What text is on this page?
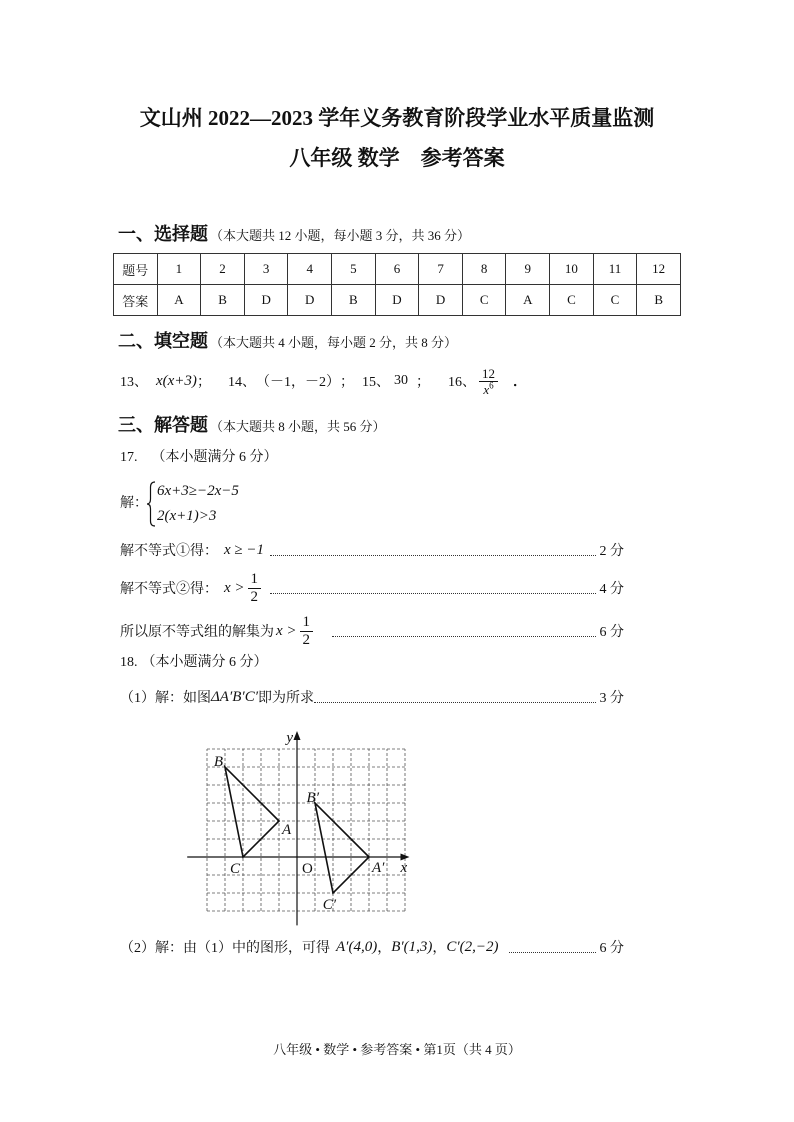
文山州 2022—2023 学年义务教育阶段学业水平质量监测
八年级 数学　参考答案
一、选择题 （本大题共 12 小题，每小题 3 分，共 36 分）
题号	1	2	3	4	5	6	7	8	9	10	11	12
答案	A	B	D	D	B	D	D	C	A	C	C	B
二、填空题 （本大题共 4 小题，每小题 2 分，共 8 分）
13、 x(x+3) ； 14、 （－1，－2） ； 15、 30 ； 16、 $\frac{12}{x^6}$ ．
三、解答题 （本大题共 8 小题，共 56 分）
17. （本小题满分 6 分）
解：
6x+3≥−2x−5
2(x+1)>3
解不等式①得： x ≥ −1	2 分
解不等式②得： $x > \frac{1}{2}$	4 分
所以原不等式组的解集为 $x > \frac{1}{2}$	6 分
18. （本小题满分 6 分）
（1）解：如图 ΔA′B′C′ 即为所求	3 分
x
y
O
A
B
C	A′
B′
C′
（2）解：由（1）中的图形，可得 A′(4,0) ， B′(1,3) ， C′(2,−2)	6 分
八年级 • 数学 • 参考答案 • 第1页（共 4 页）
